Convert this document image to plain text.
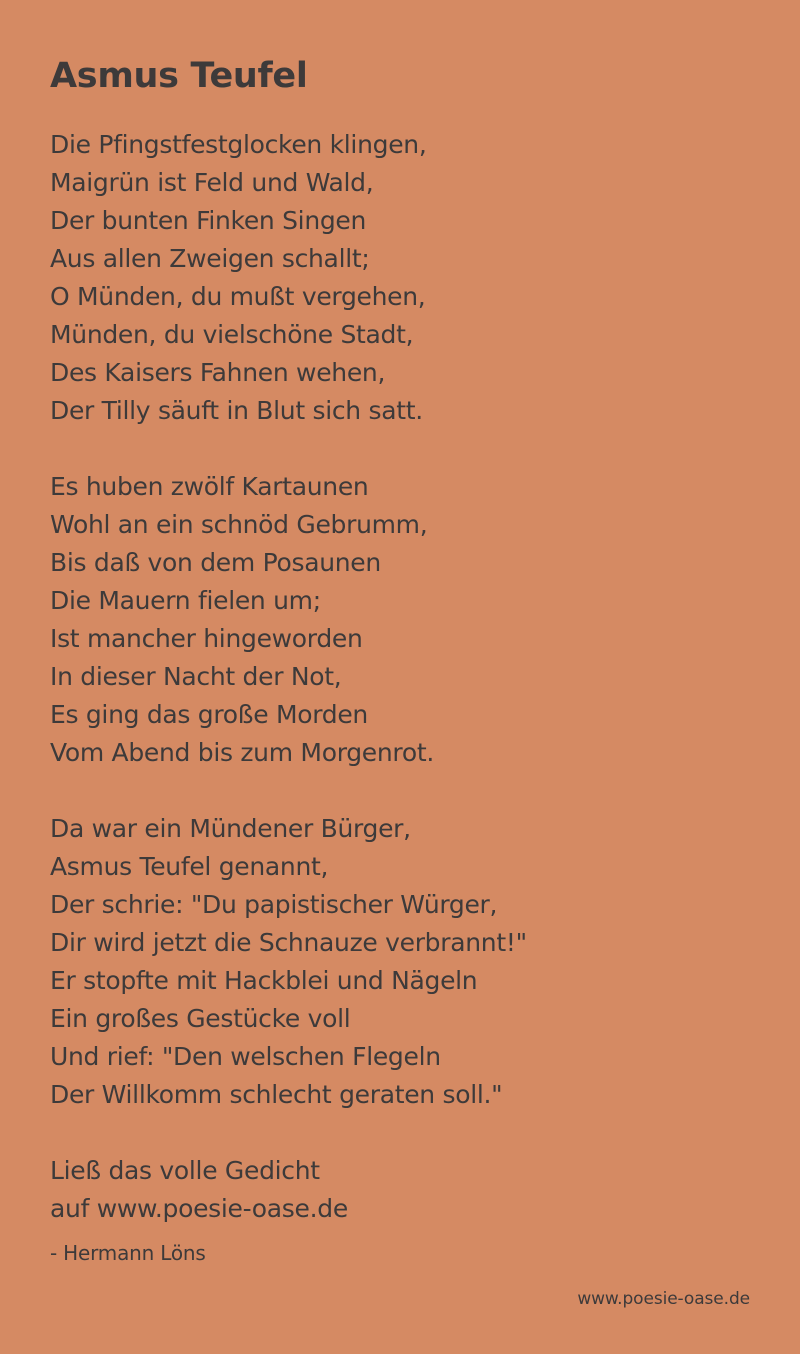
Asmus Teufel
Die Pfingstfestglocken klingen,
Maigrün ist Feld und Wald,
Der bunten Finken Singen
Aus allen Zweigen schallt;
O Münden, du mußt vergehen,
Münden, du vielschöne Stadt,
Des Kaisers Fahnen wehen,
Der Tilly säuft in Blut sich satt.
Es huben zwölf Kartaunen
Wohl an ein schnöd Gebrumm,
Bis daß von dem Posaunen
Die Mauern fielen um;
Ist mancher hingeworden
In dieser Nacht der Not,
Es ging das große Morden
Vom Abend bis zum Morgenrot.
Da war ein Mündener Bürger,
Asmus Teufel genannt,
Der schrie: "Du papistischer Würger,
Dir wird jetzt die Schnauze verbrannt!"
Er stopfte mit Hackblei und Nägeln
Ein großes Gestücke voll
Und rief: "Den welschen Flegeln
Der Willkomm schlecht geraten soll."
Ließ das volle Gedicht
auf www.poesie-oase.de
- Hermann Löns
www.poesie-oase.de
